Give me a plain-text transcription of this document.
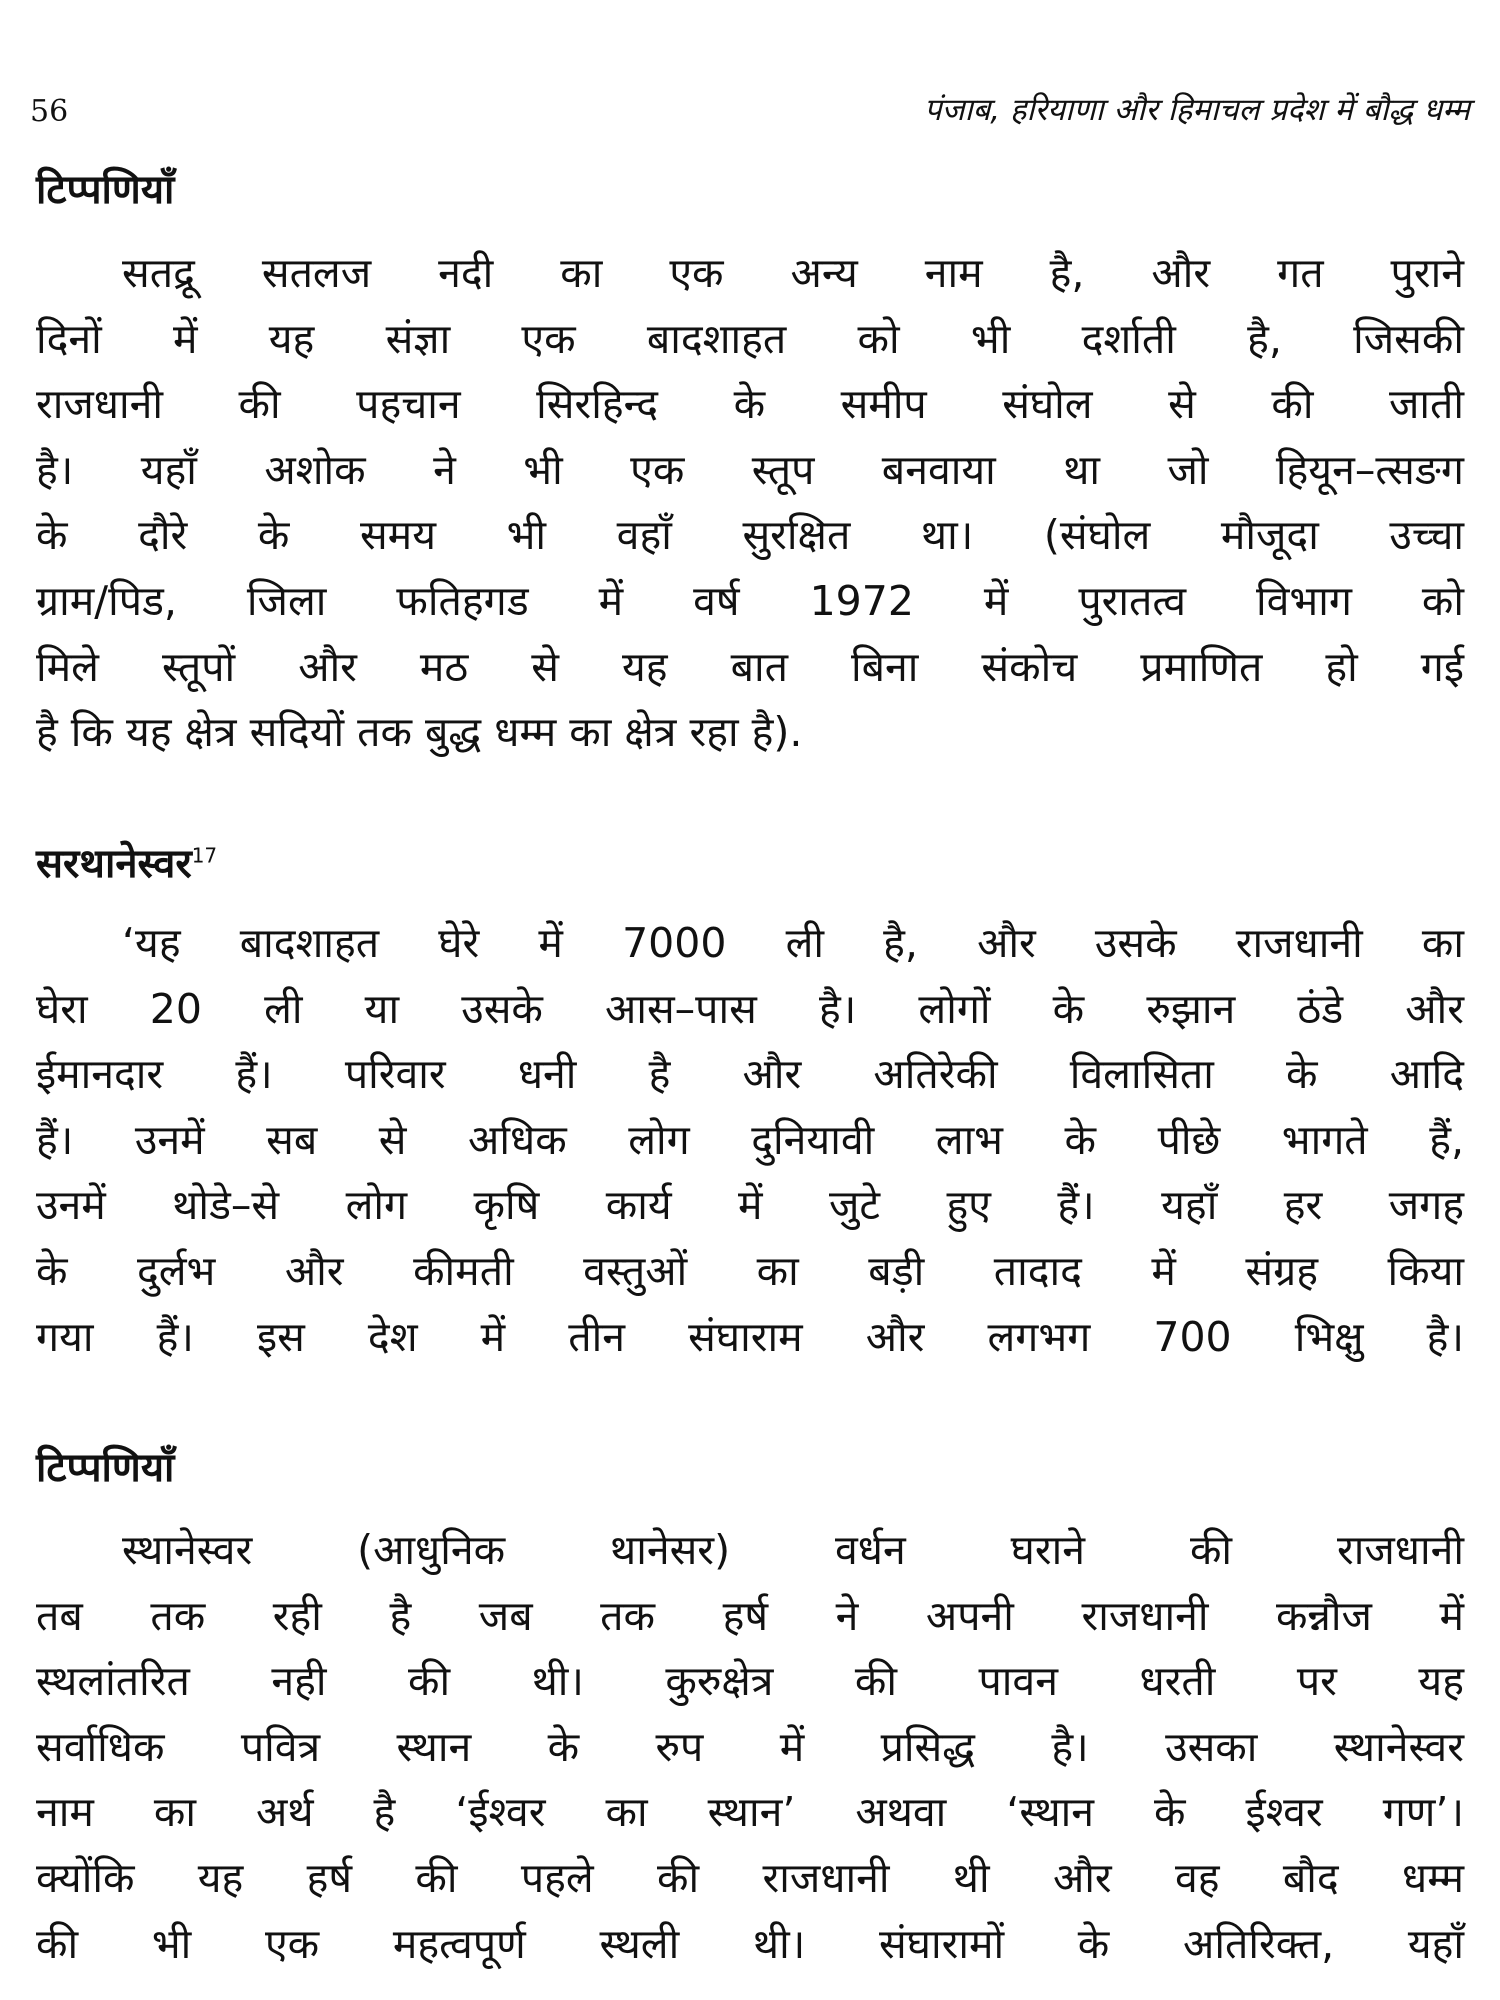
56	पंजाब, हरियाणा और हिमाचल प्रदेश में बौद्ध धम्म
टिप्पणियाँ
सतद्रू सतलज नदी का एक अन्य नाम है, और गत पुराने
दिनों में यह संज्ञा एक बादशाहत को भी दर्शाती है, जिसकी
राजधानी की पहचान सिरहिन्द के समीप संघोल से की जाती
है। यहाँ अशोक ने भी एक स्तूप बनवाया था जो हियून–त्सङग
के दौरे के समय भी वहाँ सुरक्षित था। (संघोल मौजूदा उच्चा
ग्राम/पिड, जिला फतिहगड में वर्ष 1972 में पुरातत्व विभाग को
मिले स्तूपों और मठ से यह बात बिना संकोच प्रमाणित हो गई
है कि यह क्षेत्र सदियों तक बुद्ध धम्म का क्षेत्र रहा है).
सरथानेस्वर$^{17}$
‘यह बादशाहत घेरे में 7000 ली है, और उसके राजधानी का
घेरा 20 ली या उसके आस–पास है। लोगों के रुझान ठंडे और
ईमानदार हैं। परिवार धनी है और अतिरेकी विलासिता के आदि
हैं। उनमें सब से अधिक लोग दुनियावी लाभ के पीछे भागते हैं,
उनमें थोडे–से लोग कृषि कार्य में जुटे हुए हैं। यहाँ हर जगह
के दुर्लभ और कीमती वस्तुओं का बड़ी तादाद में संग्रह किया
गया हैं। इस देश में तीन संघाराम और लगभग 700 भिक्षु है।
टिप्पणियाँ
स्थानेस्वर (आधुनिक थानेसर) वर्धन घराने की राजधानी
तब तक रही है जब तक हर्ष ने अपनी राजधानी कन्नौज में
स्थलांतरित नही की थी। कुरुक्षेत्र की पावन धरती पर यह
सर्वाधिक पवित्र स्थान के रुप में प्रसिद्ध है। उसका स्थानेस्वर
नाम का अर्थ है ‘ईश्वर का स्थान’ अथवा ‘स्थान के ईश्वर गण’।
क्योंकि यह हर्ष की पहले की राजधानी थी और वह बौद धम्म
की भी एक महत्वपूर्ण स्थली थी। संघारामों के अतिरिक्त, यहाँ
